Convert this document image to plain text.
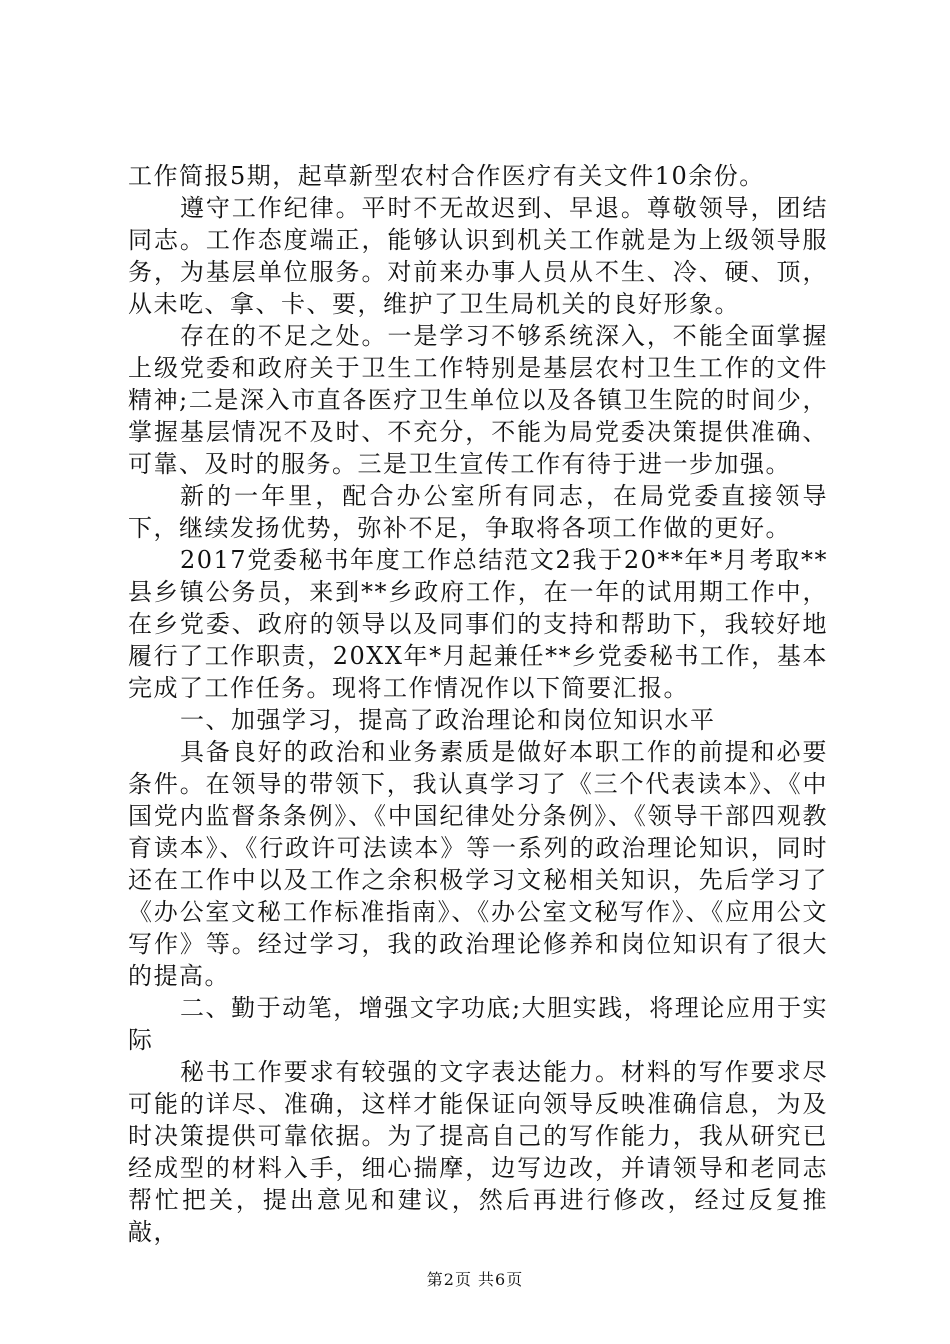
工作简报5期，起草新型农村合作医疗有关文件10余份。

遵守工作纪律。平时不无故迟到、早退。尊敬领导，团结同志。工作态度端正，能够认识到机关工作就是为上级领导服务，为基层单位服务。对前来办事人员从不生、冷、硬、顶，从未吃、拿、卡、要，维护了卫生局机关的良好形象。

存在的不足之处。一是学习不够系统深入，不能全面掌握上级党委和政府关于卫生工作特别是基层农村卫生工作的文件精神;二是深入市直各医疗卫生单位以及各镇卫生院的时间少，掌握基层情况不及时、不充分，不能为局党委决策提供准确、可靠、及时的服务。三是卫生宣传工作有待于进一步加强。

新的一年里，配合办公室所有同志，在局党委直接领导下，继续发扬优势，弥补不足，争取将各项工作做的更好。

2017党委秘书年度工作总结范文2我于20**年*月考取**县乡镇公务员，来到**乡政府工作，在一年的试用期工作中，在乡党委、政府的领导以及同事们的支持和帮助下，我较好地履行了工作职责，20XX年*月起兼任**乡党委秘书工作，基本完成了工作任务。现将工作情况作以下简要汇报。

一、加强学习，提高了政治理论和岗位知识水平

具备良好的政治和业务素质是做好本职工作的前提和必要条件。在领导的带领下，我认真学习了《三个代表读本》、《中国党内监督条条例》、《中国纪律处分条例》、《领导干部四观教育读本》、《行政许可法读本》等一系列的政治理论知识，同时还在工作中以及工作之余积极学习文秘相关知识，先后学习了《办公室文秘工作标准指南》、《办公室文秘写作》、《应用公文写作》等。经过学习，我的政治理论修养和岗位知识有了很大的提高。

二、勤于动笔，增强文字功底;大胆实践，将理论应用于实际

秘书工作要求有较强的文字表达能力。材料的写作要求尽可能的详尽、准确，这样才能保证向领导反映准确信息，为及时决策提供可靠依据。为了提高自己的写作能力，我从研究已经成型的材料入手，细心揣摩，边写边改，并请领导和老同志帮忙把关，提出意见和建议，然后再进行修改，经过反复推敲，

第2页 共6页
